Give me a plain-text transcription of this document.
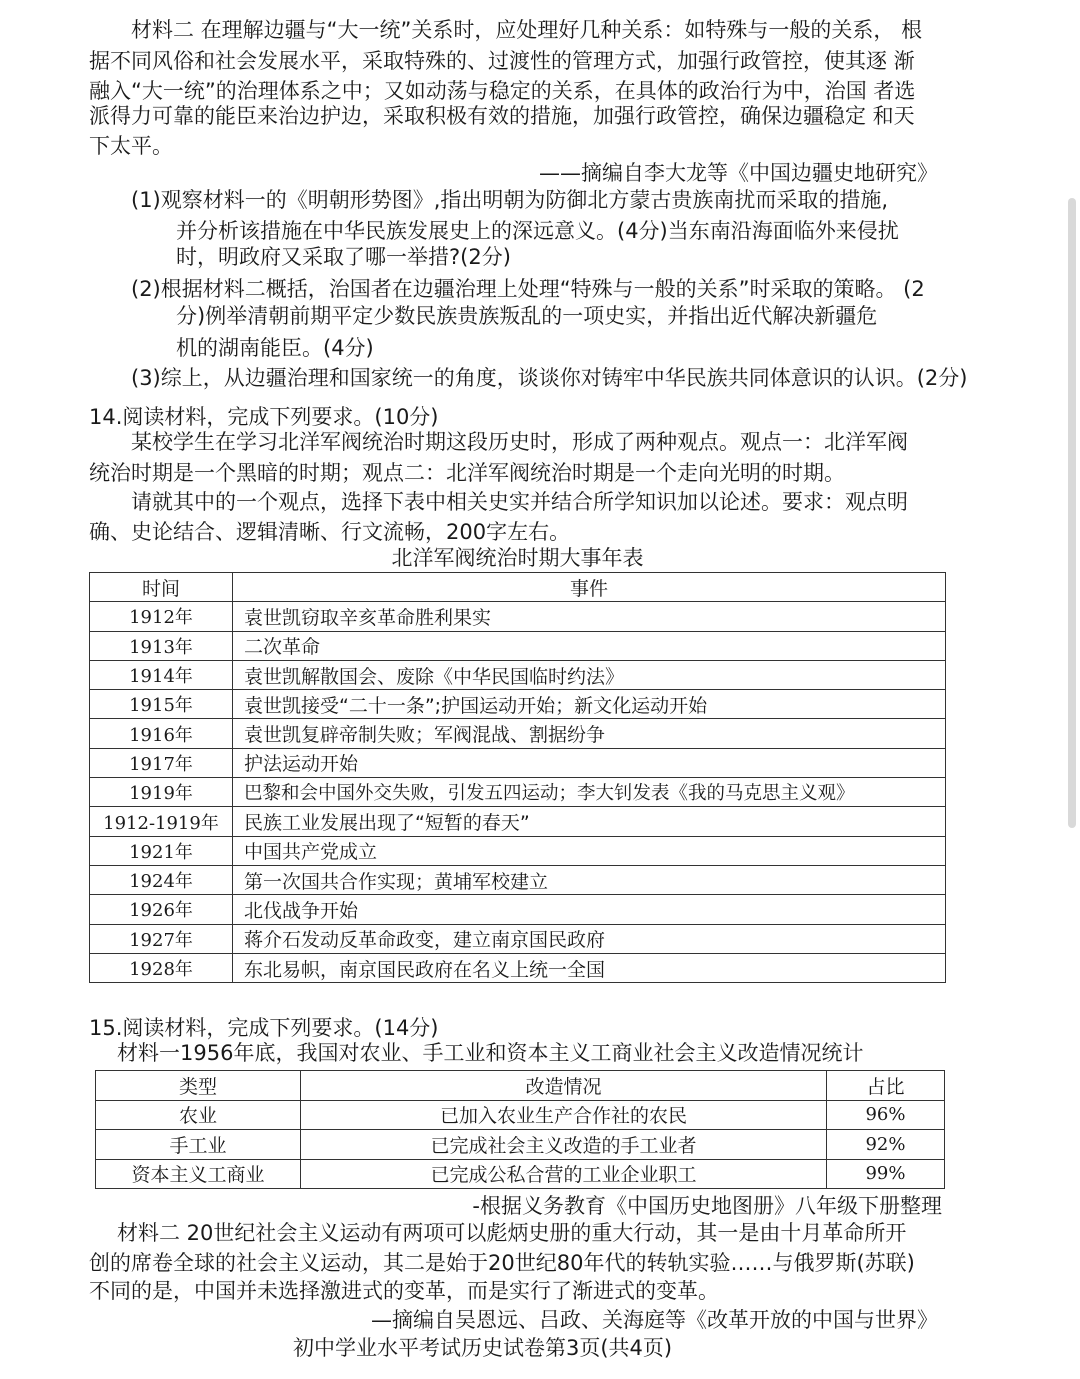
材料二 在理解边疆与“大一统”关系时，应处理好几种关系：如特殊与一般的关系， 根
据不同风俗和社会发展水平，采取特殊的、过渡性的管理方式，加强行政管控，使其逐 渐
融入“大一统”的治理体系之中；又如动荡与稳定的关系，在具体的政治行为中，治国 者选
派得力可靠的能臣来治边护边，采取积极有效的措施，加强行政管控，确保边疆稳定 和天
下太平。
——摘编自李大龙等《中国边疆史地研究》
(1)观察材料一的《明朝形势图》,指出明朝为防御北方蒙古贵族南扰而采取的措施,
并分析该措施在中华民族发展史上的深远意义。(4分)当东南沿海面临外来侵扰
时，明政府又采取了哪一举措?(2分)
(2)根据材料二概括，治国者在边疆治理上处理“特殊与一般的关系”时采取的策略。 (2
分)例举清朝前期平定少数民族贵族叛乱的一项史实，并指出近代解决新疆危
机的湖南能臣。(4分)
(3)综上，从边疆治理和国家统一的角度，谈谈你对铸牢中华民族共同体意识的认识。(2分)
14.阅读材料，完成下列要求。(10分)
某校学生在学习北洋军阀统治时期这段历史时，形成了两种观点。观点一：北洋军阀
统治时期是一个黑暗的时期；观点二：北洋军阀统治时期是一个走向光明的时期。
请就其中的一个观点，选择下表中相关史实并结合所学知识加以论述。要求：观点明
确、史论结合、逻辑清晰、行文流畅，200字左右。
北洋军阀统治时期大事年表
时间	事件
1912年	袁世凯窃取辛亥革命胜利果实
1913年	二次革命
1914年	袁世凯解散国会、废除《中华民国临时约法》
1915年	袁世凯接受“二十一条”;护国运动开始；新文化运动开始
1916年	袁世凯复辟帝制失败；军阀混战、割据纷争
1917年	护法运动开始
1919年	巴黎和会中国外交失败，引发五四运动；李大钊发表《我的马克思主义观》
1912-1919年	民族工业发展出现了“短暂的春天”
1921年	中国共产党成立
1924年	第一次国共合作实现；黄埔军校建立
1926年	北伐战争开始
1927年	蒋介石发动反革命政变，建立南京国民政府
1928年	东北易帜，南京国民政府在名义上统一全国
15.阅读材料，完成下列要求。(14分)
材料一1956年底，我国对农业、手工业和资本主义工商业社会主义改造情况统计
类型	改造情况	占比
农业	已加入农业生产合作社的农民	96%
手工业	已完成社会主义改造的手工业者	92%
资本主义工商业	已完成公私合营的工业企业职工	99%
-根据义务教育《中国历史地图册》八年级下册整理
材料二 20世纪社会主义运动有两项可以彪炳史册的重大行动，其一是由十月革命所开
创的席卷全球的社会主义运动，其二是始于20世纪80年代的转轨实验……与俄罗斯(苏联)
不同的是，中国并未选择激进式的变革，而是实行了渐进式的变革。
—摘编自吴恩远、吕政、关海庭等《改革开放的中国与世界》
初中学业水平考试历史试卷第3页(共4页)
